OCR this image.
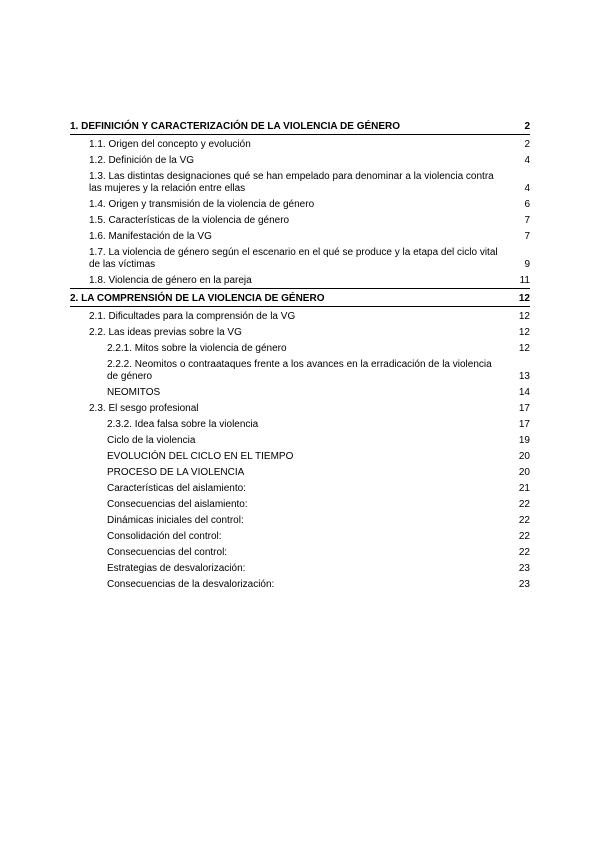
1. DEFINICIÓN Y CARACTERIZACIÓN DE LA VIOLENCIA DE GÉNERO	2
1.1. Origen del concepto y evolución	2
1.2. Definición de la VG	4
1.3. Las distintas designaciones qué se han empelado para denominar a la violencia contra las mujeres y la relación entre ellas	4
1.4. Origen y transmisión de la violencia de género	6
1.5. Características de la violencia de género	7
1.6. Manifestación de la VG	7
1.7. La violencia de género según el escenario en el qué se produce y la etapa del ciclo vital de las víctimas	9
1.8. Violencia de género en la pareja	11
2. LA COMPRENSIÓN DE LA VIOLENCIA DE GÉNERO	12
2.1. Dificultades para la comprensión de la VG	12
2.2. Las ideas previas sobre la VG	12
2.2.1. Mitos sobre la violencia de género	12
2.2.2. Neomitos o contraataques frente a los avances en la erradicación de la violencia de género	13
NEOMITOS	14
2.3. El sesgo profesional	17
2.3.2. Idea falsa sobre la violencia	17
Ciclo de la violencia	19
EVOLUCIÓN DEL CICLO EN EL TIEMPO	20
PROCESO DE LA VIOLENCIA	20
Características del aislamiento:	21
Consecuencias del aislamiento:	22
Dinámicas iniciales del control:	22
Consolidación del control:	22
Consecuencias del control:	22
Estrategias de desvalorización:	23
Consecuencias de la desvalorización:	23
